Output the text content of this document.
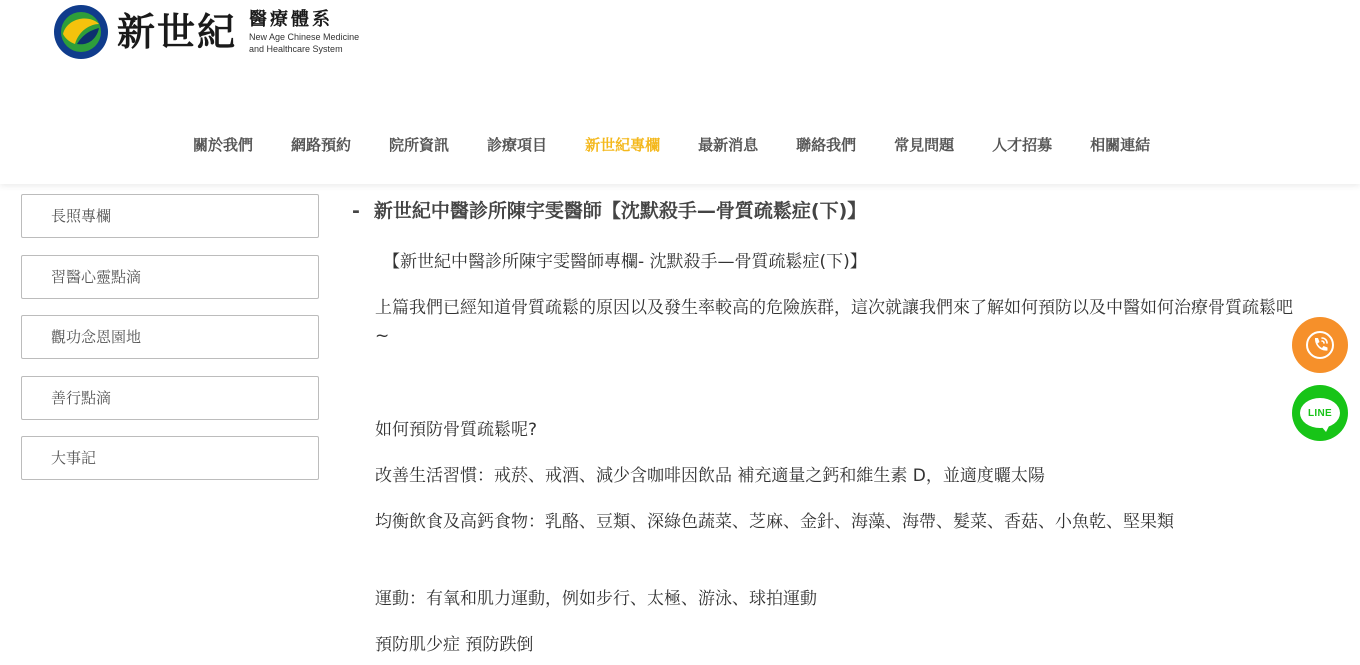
新世紀 醫療體系
New Age Chinese Medicine
and Healthcare System
關於我們	網路預約	院所資訊	診療項目	新世紀專欄	最新消息	聯絡我們	常見問題	人才招募	相關連結
長照專欄
習醫心靈點滴
觀功念恩園地
善行點滴
大事記
- 新世紀中醫診所陳宇雯醫師【沈默殺手—骨質疏鬆症(下)】

【新世紀中醫診所陳宇雯醫師專欄- 沈默殺手—骨質疏鬆症(下)】

上篇我們已經知道骨質疏鬆的原因以及發生率較高的危險族群，這次就讓我們來了解如何預防以及中醫如何治療骨質疏鬆吧~

如何預防骨質疏鬆呢?

改善生活習慣：戒菸、戒酒、減少含咖啡因飲品 補充適量之鈣和維生素 D，並適度曬太陽

均衡飲食及高鈣食物：乳酪、豆類、深綠色蔬菜、芝麻、金針、海藻、海帶、髮菜、香菇、小魚乾、堅果類

運動：有氧和肌力運動，例如步行、太極、游泳、球拍運動

預防肌少症 預防跌倒

LINE
